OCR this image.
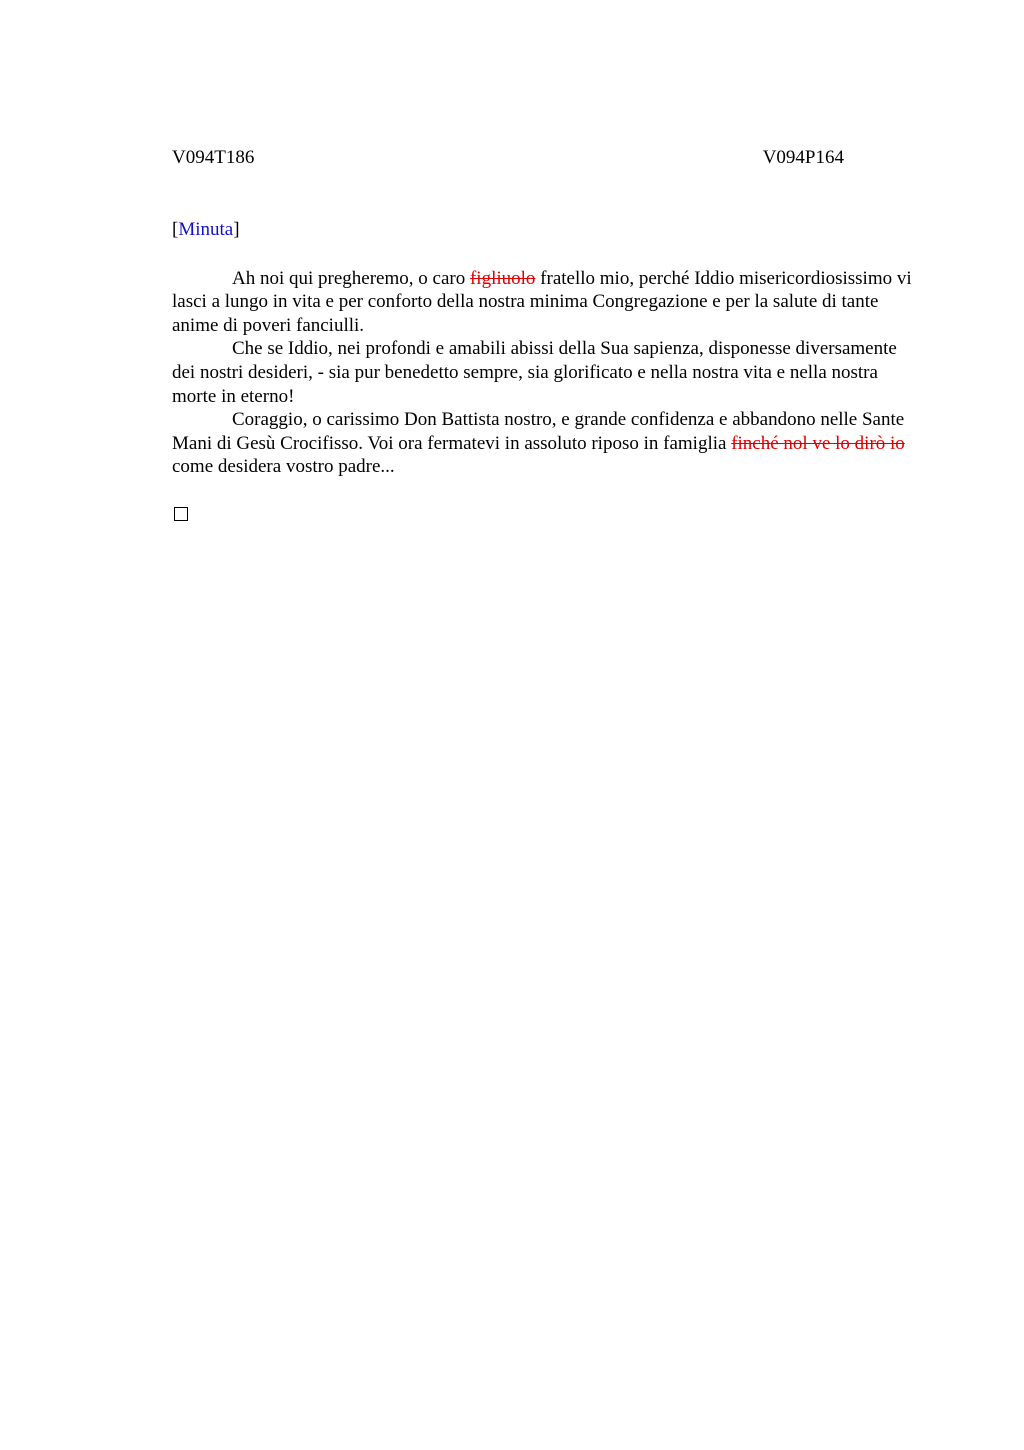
V094T186	V094P164
[Minuta]

Ah noi qui pregheremo, o caro figliuolo fratello mio, perché Iddio misericordiosissimo vi lasci a lungo in vita e per conforto della nostra minima Congregazione e per la salute di tante anime di poveri fanciulli.

Che se Iddio, nei profondi e amabili abissi della Sua sapienza, disponesse diversamente dei nostri desideri, - sia pur benedetto sempre, sia glorificato e nella nostra vita e nella nostra morte in eterno!

Coraggio, o carissimo Don Battista nostro, e grande confidenza e abbandono nelle Sante Mani di Gesù Crocifisso. Voi ora fermatevi in assoluto riposo in famiglia finché nol ve lo dirò io come desidera vostro padre...
